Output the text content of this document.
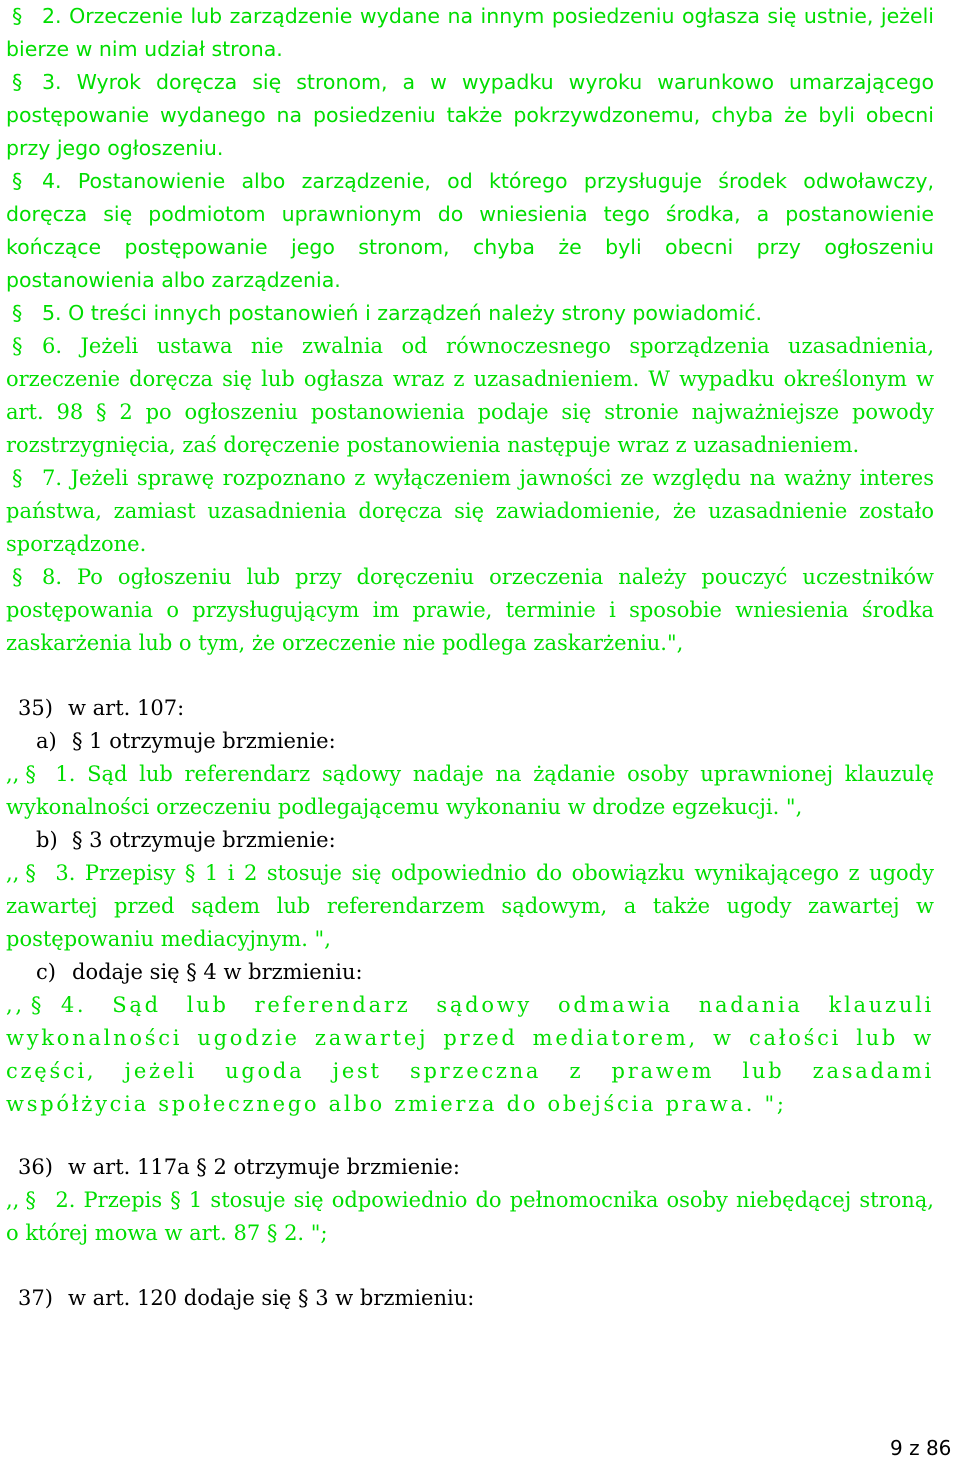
§ 2. Orzeczenie lub zarządzenie wydane na innym posiedzeniu ogłasza się ustnie, jeżeli bierze w nim udział strona.

§ 3. Wyrok doręcza się stronom, a w wypadku wyroku warunkowo umarzającego postępowanie wydanego na posiedzeniu także pokrzywdzonemu, chyba że byli obecni przy jego ogłoszeniu.

§ 4. Postanowienie albo zarządzenie, od którego przysługuje środek odwoławczy, doręcza się podmiotom uprawnionym do wniesienia tego środka, a postanowienie kończące postępowanie jego stronom, chyba że byli obecni przy ogłoszeniu postanowienia albo zarządzenia.

§ 5. O treści innych postanowień i zarządzeń należy strony powiadomić.

§ 6. Jeżeli ustawa nie zwalnia od równoczesnego sporządzenia uzasadnienia, orzeczenie doręcza się lub ogłasza wraz z uzasadnieniem. W wypadku określonym w art. 98 § 2 po ogłoszeniu postanowienia podaje się stronie najważniejsze powody rozstrzygnięcia, zaś doręczenie postanowienia następuje wraz z uzasadnieniem.

§ 7. Jeżeli sprawę rozpoznano z wyłączeniem jawności ze względu na ważny interes państwa, zamiast uzasadnienia doręcza się zawiadomienie, że uzasadnienie zostało sporządzone.

§ 8. Po ogłoszeniu lub przy doręczeniu orzeczenia należy pouczyć uczestników postępowania o przysługującym im prawie, terminie i sposobie wniesienia środka zaskarżenia lub o tym, że orzeczenie nie podlega zaskarżeniu.",

35) w art. 107:

a) § 1 otrzymuje brzmienie:

,, § 1. Sąd lub referendarz sądowy nadaje na żądanie osoby uprawnionej klauzulę wykonalności orzeczeniu podlegającemu wykonaniu w drodze egzekucji. ",

b) § 3 otrzymuje brzmienie:

,, § 3. Przepisy § 1 i 2 stosuje się odpowiednio do obowiązku wynikającego z ugody zawartej przed sądem lub referendarzem sądowym, a także ugody zawartej w postępowaniu mediacyjnym. ",

c) dodaje się § 4 w brzmieniu:

,, § 4. Sąd lub referendarz sądowy odmawia nadania klauzuli wykonalności ugodzie zawartej przed mediatorem, w całości lub w części, jeżeli ugoda jest sprzeczna z prawem lub zasadami współżycia społecznego albo zmierza do obejścia prawa. ";

36) w art. 117a § 2 otrzymuje brzmienie:

,, § 2. Przepis § 1 stosuje się odpowiednio do pełnomocnika osoby niebędącej stroną, o której mowa w art. 87 § 2. ";

37) w art. 120 dodaje się § 3 w brzmieniu:

9 z 86
